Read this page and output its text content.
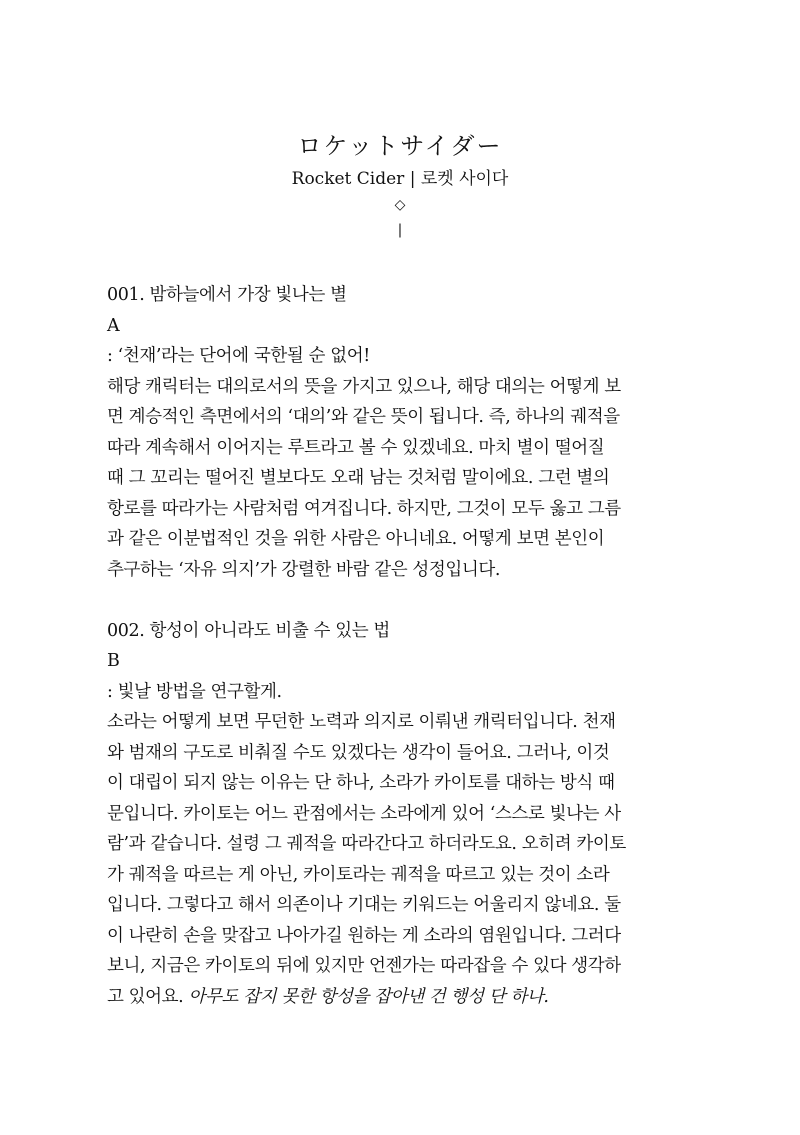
ロケットサイダー
Rocket Cider | 로켓 사이다
◇
|
001. 밤하늘에서 가장 빛나는 별
A
: ‘천재’라는 단어에 국한될 순 없어!
해당 캐릭터는 대의로서의 뜻을 가지고 있으나, 해당 대의는 어떻게 보
면 계승적인 측면에서의 ‘대의’와 같은 뜻이 됩니다. 즉, 하나의 궤적을
따라 계속해서 이어지는 루트라고 볼 수 있겠네요. 마치 별이 떨어질
때 그 꼬리는 떨어진 별보다도 오래 남는 것처럼 말이에요. 그런 별의
항로를 따라가는 사람처럼 여겨집니다. 하지만, 그것이 모두 옳고 그름
과 같은 이분법적인 것을 위한 사람은 아니네요. 어떻게 보면 본인이
추구하는 ‘자유 의지’가 강렬한 바람 같은 성정입니다.
002. 항성이 아니라도 비출 수 있는 법
B
: 빛날 방법을 연구할게.
소라는 어떻게 보면 무던한 노력과 의지로 이뤄낸 캐릭터입니다. 천재
와 범재의 구도로 비춰질 수도 있겠다는 생각이 들어요. 그러나, 이것
이 대립이 되지 않는 이유는 단 하나, 소라가 카이토를 대하는 방식 때
문입니다. 카이토는 어느 관점에서는 소라에게 있어 ‘스스로 빛나는 사
람’과 같습니다. 설령 그 궤적을 따라간다고 하더라도요. 오히려 카이토
가 궤적을 따르는 게 아닌, 카이토라는 궤적을 따르고 있는 것이 소라
입니다. 그렇다고 해서 의존이나 기대는 키워드는 어울리지 않네요. 둘
이 나란히 손을 맞잡고 나아가길 원하는 게 소라의 염원입니다. 그러다
보니, 지금은 카이토의 뒤에 있지만 언젠가는 따라잡을 수 있다 생각하
고 있어요. 아무도 잡지 못한 항성을 잡아낸 건 행성 단 하나.
